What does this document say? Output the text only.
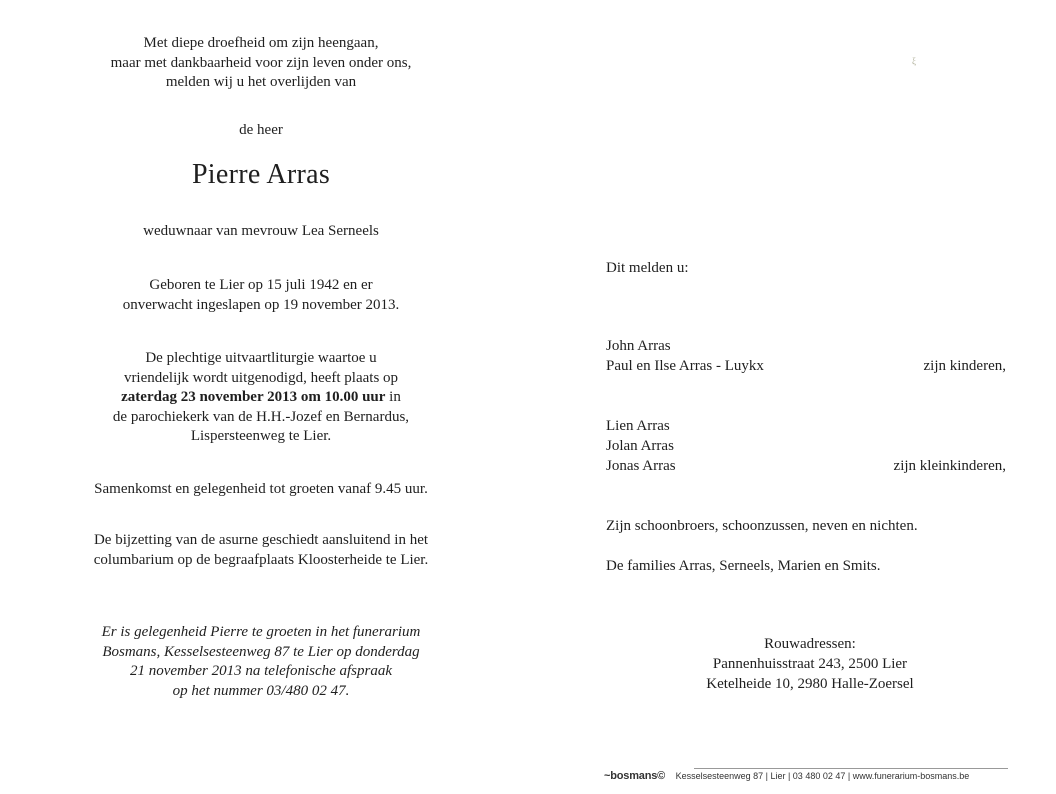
Met diepe droefheid om zijn heengaan,
maar met dankbaarheid voor zijn leven onder ons,
melden wij u het overlijden van
de heer
Pierre Arras
weduwnaar van mevrouw Lea Serneels
Geboren te Lier op 15 juli 1942 en er
onverwacht ingeslapen op 19 november 2013.
De plechtige uitvaartliturgie waartoe u
vriendelijk wordt uitgenodigd, heeft plaats op
zaterdag 23 november 2013 om 10.00 uur in
de parochiekerk van de H.H.-Jozef en Bernardus,
Lispersteenweg te Lier.
Samenkomst en gelegenheid tot groeten vanaf 9.45 uur.
De bijzetting van de asurne geschiedt aansluitend in het
columbarium op de begraafplaats Kloosterheide te Lier.
Er is gelegenheid Pierre te groeten in het funerarium
Bosmans, Kesselsesteenweg 87 te Lier op donderdag
21 november 2013 na telefonische afspraak
op het nummer 03/480 02 47.
ξ
Dit melden u:
John Arras
Paul en Ilse Arras - Luykx	zijn kinderen,
Lien Arras
Jolan Arras
Jonas Arras	zijn kleinkinderen,
Zijn schoonbroers, schoonzussen, neven en nichten.
De families Arras, Serneels, Marien en Smits.
Rouwadressen:
Pannenhuisstraat 243, 2500 Lier
Ketelheide 10, 2980 Halle-Zoersel
~bosmans© Kesselsesteenweg 87 | Lier | 03 480 02 47 | www.funerarium-bosmans.be
